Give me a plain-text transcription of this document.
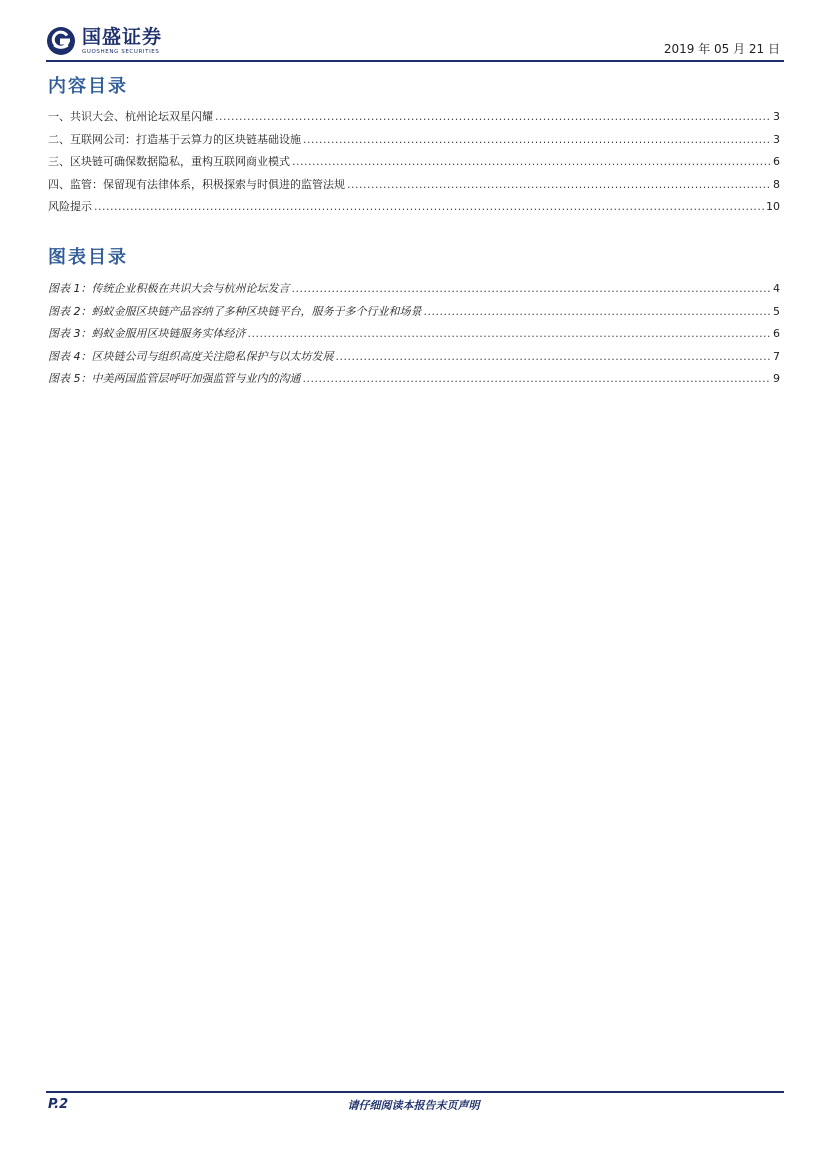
国盛证券
GUOSHENG SECURITIES	2019 年 05 月 21 日
内容目录
一、共识大会、杭州论坛双星闪耀 .....	3
二、互联网公司：打造基于云算力的区块链基础设施 .....	3
三、区块链可确保数据隐私，重构互联网商业模式 .....	6
四、监管：保留现有法律体系，积极探索与时俱进的监管法规 .....	8
风险提示 .....	10
图表目录
图表 1：传统企业积极在共识大会与杭州论坛发言 .....	4
图表 2：蚂蚁金服区块链产品容纳了多种区块链平台，服务于多个行业和场景 .....	5
图表 3：蚂蚁金服用区块链服务实体经济 .....	6
图表 4：区块链公司与组织高度关注隐私保护与以太坊发展 .....	7
图表 5：中美两国监管层呼吁加强监管与业内的沟通 .....	9
P.2	请仔细阅读本报告末页声明
